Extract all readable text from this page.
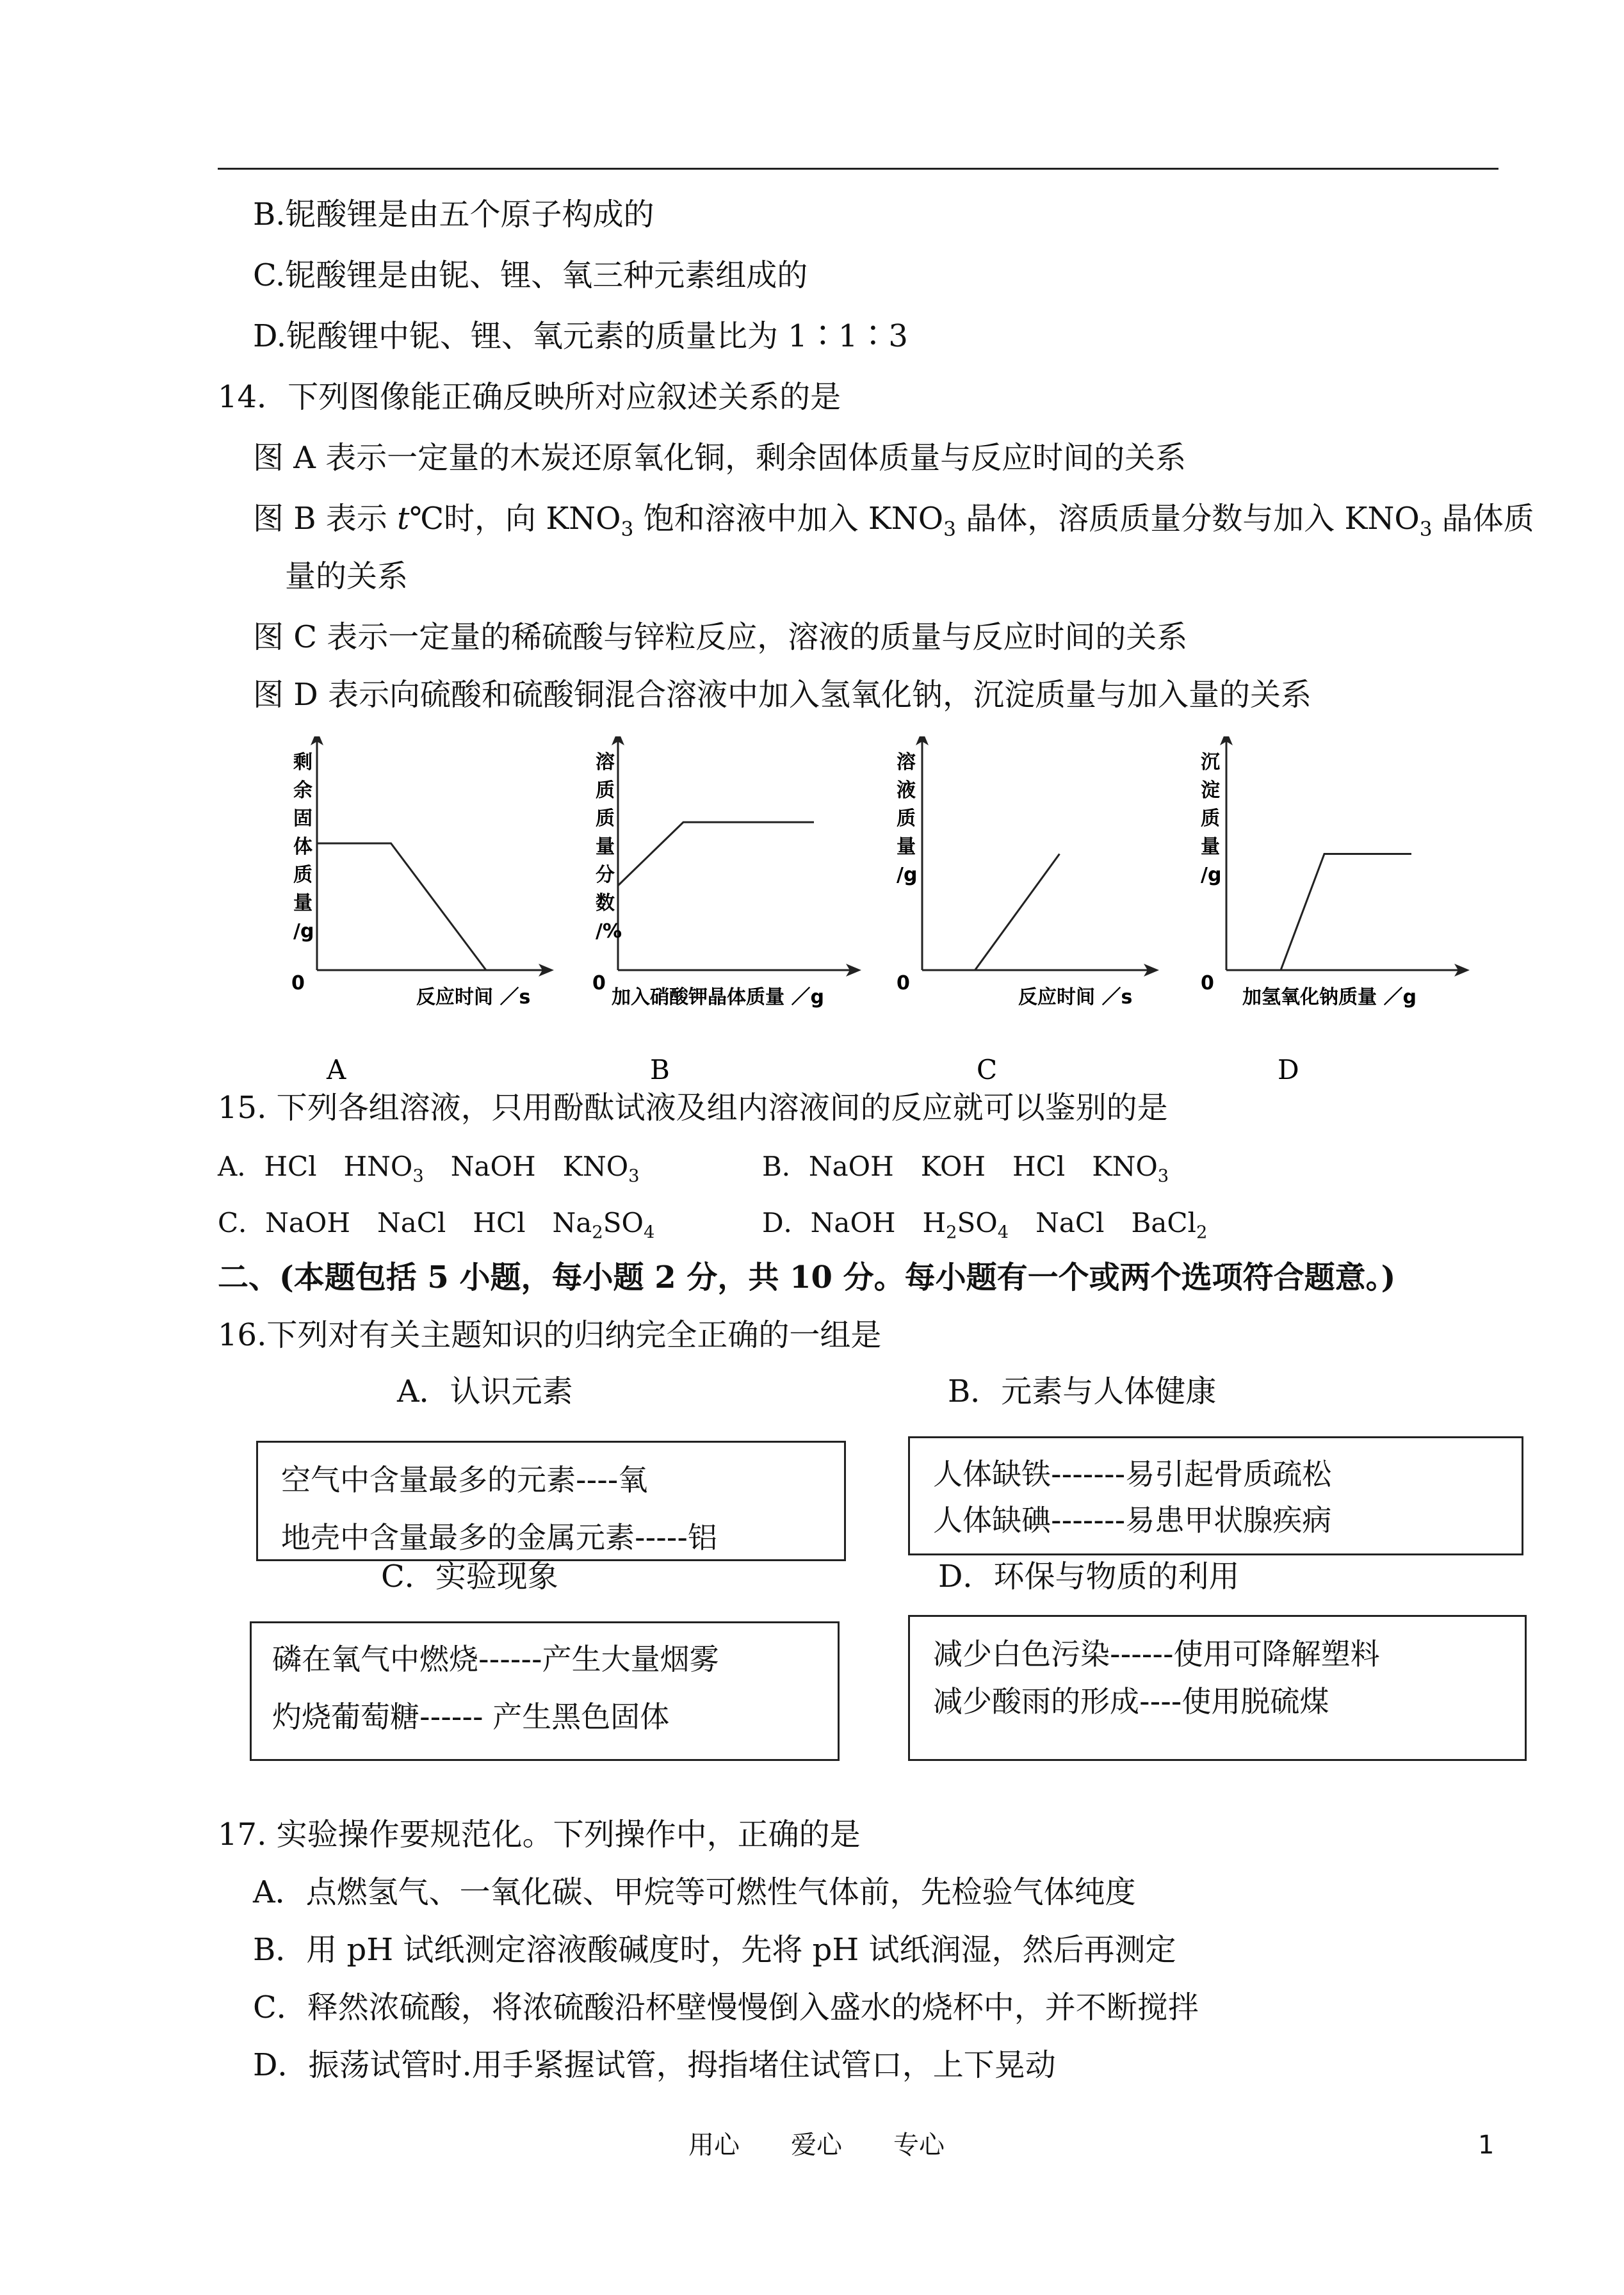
B.铌酸锂是由五个原子构成的
C.铌酸锂是由铌、锂、氧三种元素组成的
D.铌酸锂中铌、锂、氧元素的质量比为 1∶1∶3
14．下列图像能正确反映所对应叙述关系的是
图 A 表示一定量的木炭还原氧化铜，剩余固体质量与反应时间的关系
图 B 表示 t℃时，向 $KNO_3$ 饱和溶液中加入 $KNO_3$ 晶体，溶质质量分数与加入 $KNO_3$ 晶体质
量的关系
图 C 表示一定量的稀硫酸与锌粒反应，溶液的质量与反应时间的关系
图 D 表示向硫酸和硫酸铜混合溶液中加入氢氧化钠，沉淀质量与加入量的关系
剩
余
固
体
质
量
/g
0
反应时间 ／s
A
溶
质
质
量
分
数
/%
0
加入硝酸钾晶体质量 ／g
B
溶
液
质
量
/g
0
反应时间 ／s
C
沉
淀
质
量
/g
0
加氢氧化钠质量 ／g
D
15. 下列各组溶液，只用酚酞试液及组内溶液间的反应就可以鉴别的是
A．HCl　$HNO_3$　NaOH　$KNO_3$	B．NaOH　KOH　HCl　$KNO_3$
C．NaOH　NaCl　HCl　$Na_2SO_4$	D．NaOH　$H_2SO_4$　NaCl　BaCl$_2$
二、(本题包括 5 小题，每小题 2 分，共 10 分。每小题有一个或两个选项符合题意。)
16.下列对有关主题知识的归纳完全正确的一组是
A．认识元素	B．元素与人体健康
空气中含量最多的元素----氧
地壳中含量最多的金属元素-----铝
人体缺铁-------易引起骨质疏松
人体缺碘-------易患甲状腺疾病
C．实验现象	D．环保与物质的利用
磷在氧气中燃烧------产生大量烟雾
灼烧葡萄糖------ 产生黑色固体
减少白色污染------使用可降解塑料
减少酸雨的形成----使用脱硫煤
17. 实验操作要规范化。下列操作中，正确的是
A．点燃氢气、一氧化碳、甲烷等可燃性气体前，先检验气体纯度
B．用 pH 试纸测定溶液酸碱度时，先将 pH 试纸润湿，然后再测定
C．释然浓硫酸，将浓硫酸沿杯壁慢慢倒入盛水的烧杯中，并不断搅拌
D．振荡试管时.用手紧握试管，拇指堵住试管口，上下晃动
用心　　爱心　　专心	1
